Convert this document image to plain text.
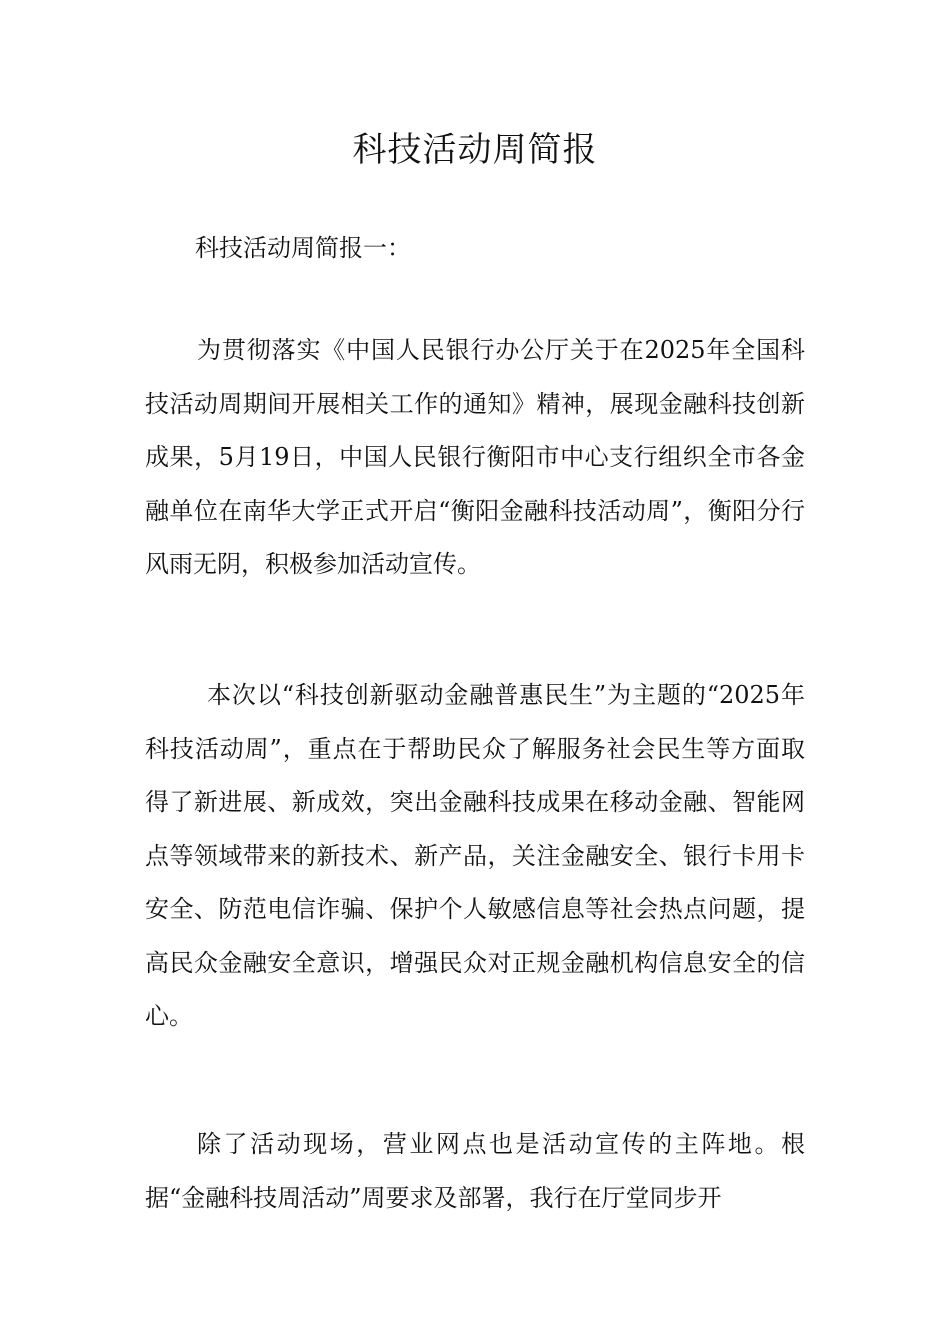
科技活动周简报

科技活动周简报一：

为贯彻落实《中国人民银行办公厅关于在2025年全国科技活动周期间开展相关工作的通知》精神，展现金融科技创新成果，5月19日，中国人民银行衡阳市中心支行组织全市各金融单位在南华大学正式开启“衡阳金融科技活动周”，衡阳分行风雨无阴，积极参加活动宣传。

本次以“科技创新驱动金融普惠民生”为主题的“2025年科技活动周”，重点在于帮助民众了解服务社会民生等方面取得了新进展、新成效，突出金融科技成果在移动金融、智能网点等领域带来的新技术、新产品，关注金融安全、银行卡用卡安全、防范电信诈骗、保护个人敏感信息等社会热点问题，提高民众金融安全意识，增强民众对正规金融机构信息安全的信心。

除了活动现场，营业网点也是活动宣传的主阵地。根据“金融科技周活动”周要求及部署，我行在厅堂同步开
